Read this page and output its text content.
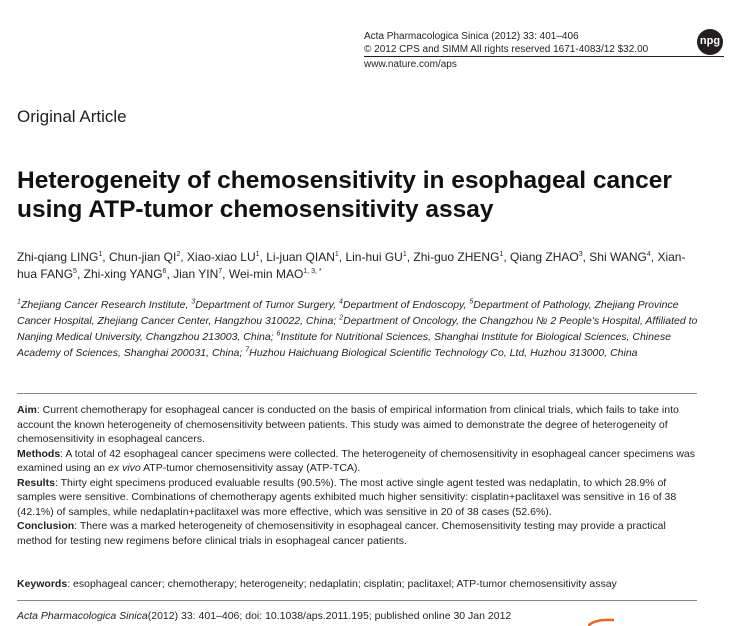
Acta Pharmacologica Sinica (2012) 33: 401–406
© 2012 CPS and SIMM All rights reserved 1671-4083/12 $32.00
www.nature.com/aps
npg
Original Article
Heterogeneity of chemosensitivity in esophageal cancer using ATP-tumor chemosensitivity assay
Zhi-qiang LING$^1$, Chun-jian $QI^2$, Xiao-xiao $LU^1$, Li-juan QIAN$^1$, Lin-hui $GU^1$, Zhi-guo ZHENG$^1$, Qiang ZHAO$^3$, Shi WANG$^4$, Xian-hua FANG$^5$, Zhi-xing YANG$^6$, Jian YIN$^7$, Wei-min $MAO^{1, 3, *}$
$^1$Zhejiang Cancer Research Institute, $^3$Department of Tumor Surgery, $^4$Department of Endoscopy, $^5$Department of Pathology, Zhejiang Province Cancer Hospital, Zhejiang Cancer Center, Hangzhou 310022, China; $^2$Department of Oncology, the Changzhou № 2 People's Hospital, Affiliated to Nanjing Medical University, Changzhou 213003, China; $^6$Institute for Nutritional Sciences, Shanghai Institute for Biological Sciences, Chinese Academy of Sciences, Shanghai 200031, China; $^7$Huzhou Haichuang Biological Scientific Technology Co, Ltd, Huzhou 313000, China

Aim: Current chemotherapy for esophageal cancer is conducted on the basis of empirical information from clinical trials, which fails to take into account the known heterogeneity of chemosensitivity between patients. This study was aimed to demonstrate the degree of heterogeneity of chemosensitivity in esophageal cancers.

Methods: A total of 42 esophageal cancer specimens were collected. The heterogeneity of chemosensitivity in esophageal cancer specimens was examined using an ex vivo ATP-tumor chemosensitivity assay (ATP-TCA).

Results: Thirty eight specimens produced evaluable results (90.5%). The most active single agent tested was nedaplatin, to which 28.9% of samples were sensitive. Combinations of chemotherapy agents exhibited much higher sensitivity: cisplatin+paclitaxel was sensitive in 16 of 38 (42.1%) of samples, while nedaplatin+paclitaxel was more effective, which was sensitive in 20 of 38 cases (52.6%).

Conclusion: There was a marked heterogeneity of chemosensitivity in esophageal cancer. Chemosensitivity testing may provide a practical method for testing new regimens before clinical trials in esophageal cancer patients.

Keywords: esophageal cancer; chemotherapy; heterogeneity; nedaplatin; cisplatin; paclitaxel; ATP-tumor chemosensitivity assay
Acta Pharmacologica Sinica(2012) 33: 401–406; doi: 10.1038/aps.2011.195; published online 30 Jan 2012
